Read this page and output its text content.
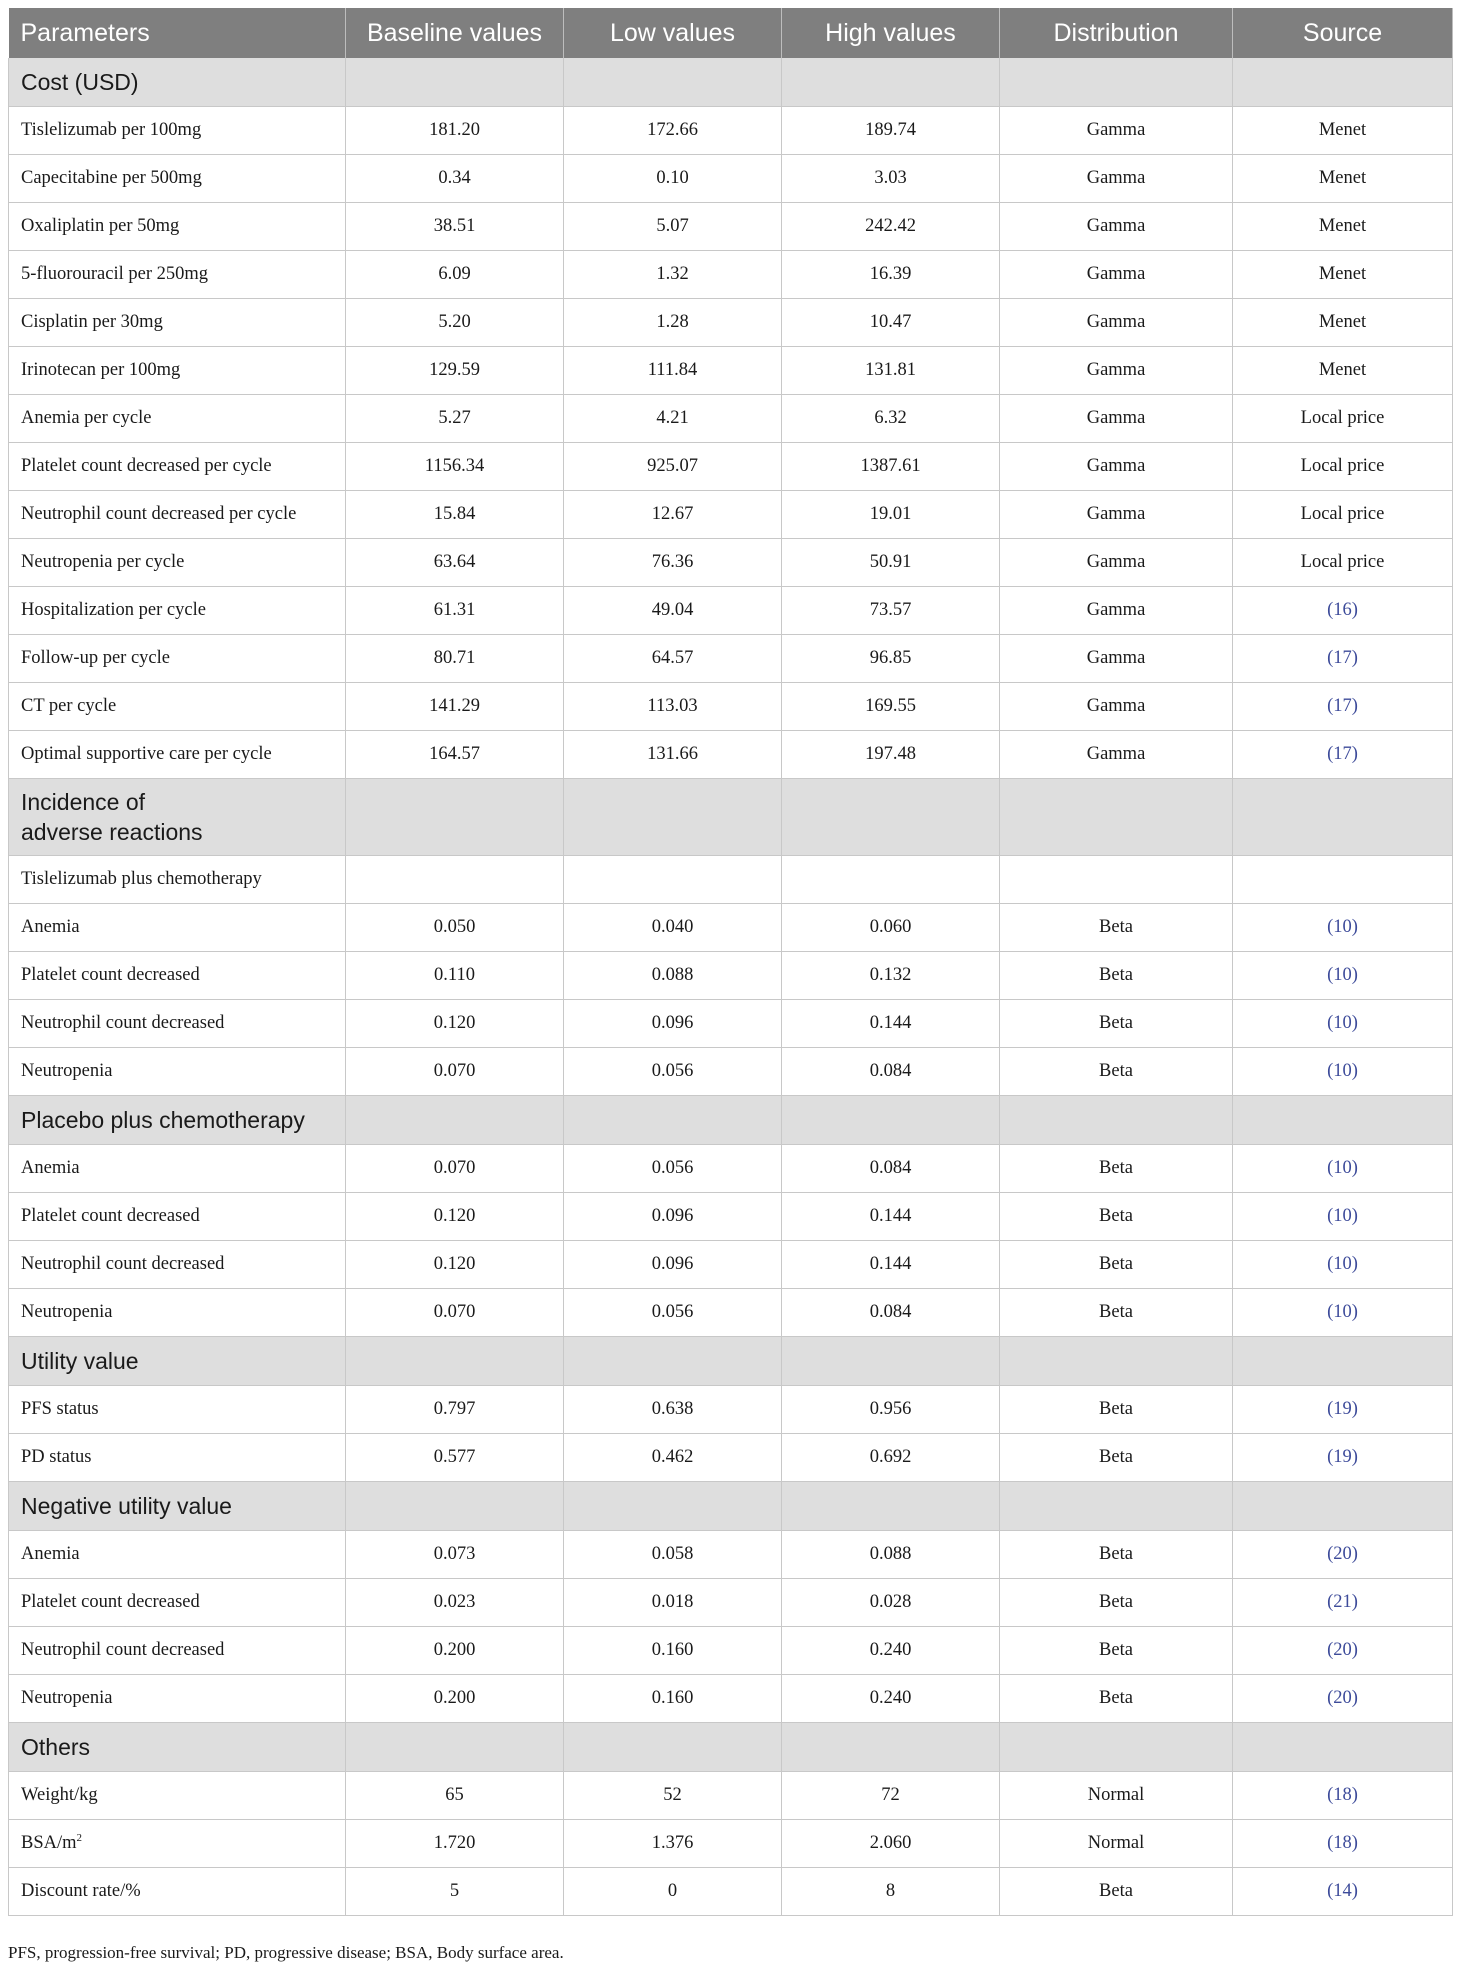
Parameters	Baseline values	Low values	High values	Distribution	Source
Cost (USD)					
Tislelizumab per 100mg	181.20	172.66	189.74	Gamma	Menet
Capecitabine per 500mg	0.34	0.10	3.03	Gamma	Menet
Oxaliplatin per 50mg	38.51	5.07	242.42	Gamma	Menet
5-fluorouracil per 250mg	6.09	1.32	16.39	Gamma	Menet
Cisplatin per 30mg	5.20	1.28	10.47	Gamma	Menet
Irinotecan per 100mg	129.59	111.84	131.81	Gamma	Menet
Anemia per cycle	5.27	4.21	6.32	Gamma	Local price
Platelet count decreased per cycle	1156.34	925.07	1387.61	Gamma	Local price
Neutrophil count decreased per cycle	15.84	12.67	19.01	Gamma	Local price
Neutropenia per cycle	63.64	76.36	50.91	Gamma	Local price
Hospitalization per cycle	61.31	49.04	73.57	Gamma	(16)
Follow-up per cycle	80.71	64.57	96.85	Gamma	(17)
CT per cycle	141.29	113.03	169.55	Gamma	(17)
Optimal supportive care per cycle	164.57	131.66	197.48	Gamma	(17)
Incidence of
adverse reactions					
Tislelizumab plus chemotherapy					
Anemia	0.050	0.040	0.060	Beta	(10)
Platelet count decreased	0.110	0.088	0.132	Beta	(10)
Neutrophil count decreased	0.120	0.096	0.144	Beta	(10)
Neutropenia	0.070	0.056	0.084	Beta	(10)
Placebo plus chemotherapy					
Anemia	0.070	0.056	0.084	Beta	(10)
Platelet count decreased	0.120	0.096	0.144	Beta	(10)
Neutrophil count decreased	0.120	0.096	0.144	Beta	(10)
Neutropenia	0.070	0.056	0.084	Beta	(10)
Utility value					
PFS status	0.797	0.638	0.956	Beta	(19)
PD status	0.577	0.462	0.692	Beta	(19)
Negative utility value					
Anemia	0.073	0.058	0.088	Beta	(20)
Platelet count decreased	0.023	0.018	0.028	Beta	(21)
Neutrophil count decreased	0.200	0.160	0.240	Beta	(20)
Neutropenia	0.200	0.160	0.240	Beta	(20)
Others					
Weight/kg	65	52	72	Normal	(18)
BSA/$m^2$	1.720	1.376	2.060	Normal	(18)
Discount rate/%	5	0	8	Beta	(14)
PFS, progression-free survival; PD, progressive disease; BSA, Body surface area.
